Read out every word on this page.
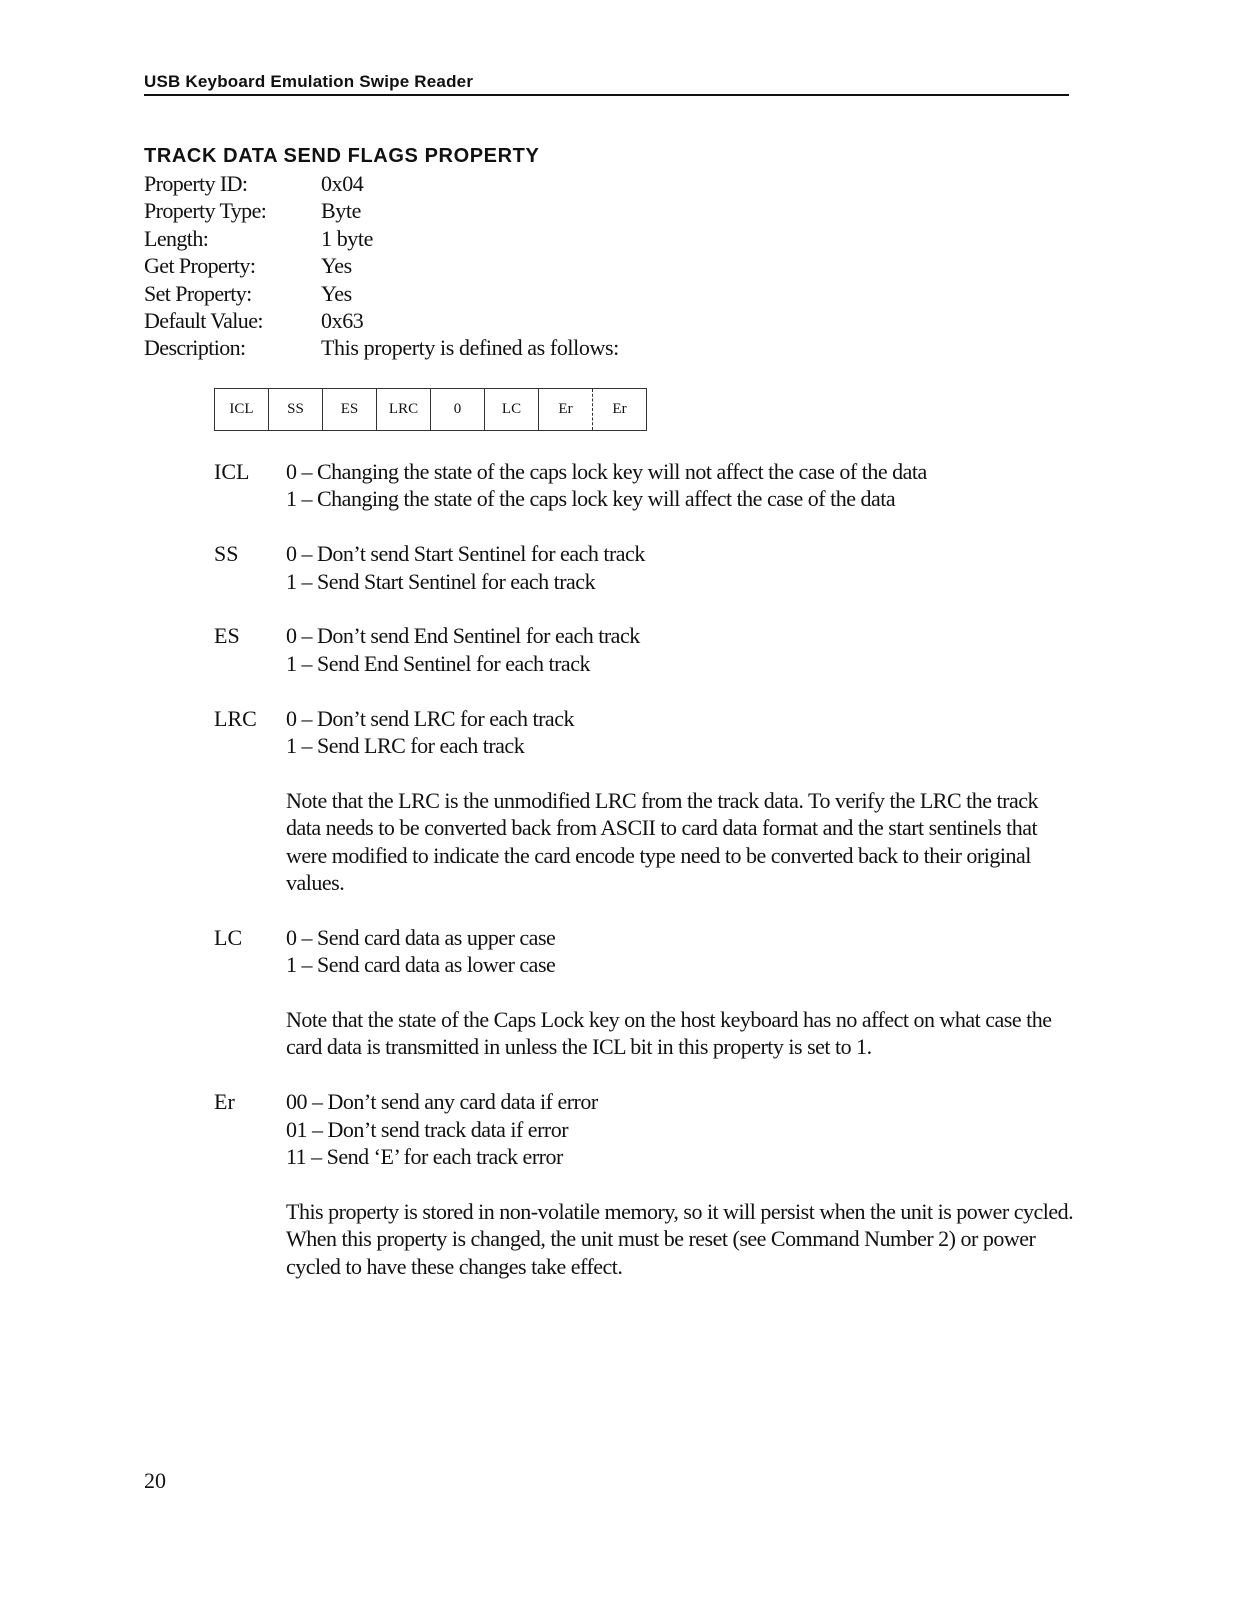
USB Keyboard Emulation Swipe Reader
TRACK DATA SEND FLAGS PROPERTY
Property ID:	0x04
Property Type:	Byte
Length:	1 byte
Get Property:	Yes
Set Property:	Yes
Default Value:	0x63
Description:	This property is defined as follows:
ICL	SS	ES	LRC	0	LC	Er	Er
ICL	0 – Changing the state of the caps lock key will not affect the case of the data
1 – Changing the state of the caps lock key will affect the case of the data
SS	0 – Don’t send Start Sentinel for each track
1 – Send Start Sentinel for each track
ES	0 – Don’t send End Sentinel for each track
1 – Send End Sentinel for each track
LRC	0 – Don’t send LRC for each track
1 – Send LRC for each track
Note that the LRC is the unmodified LRC from the track data. To verify the LRC the track data needs to be converted back from ASCII to card data format and the start sentinels that were modified to indicate the card encode type need to be converted back to their original values.
LC	0 – Send card data as upper case
1 – Send card data as lower case
Note that the state of the Caps Lock key on the host keyboard has no affect on what case the card data is transmitted in unless the ICL bit in this property is set to 1.
Er	00 – Don’t send any card data if error
01 – Don’t send track data if error
11 – Send ‘E’ for each track error
This property is stored in non-volatile memory, so it will persist when the unit is power cycled. When this property is changed, the unit must be reset (see Command Number 2) or power cycled to have these changes take effect.
20
